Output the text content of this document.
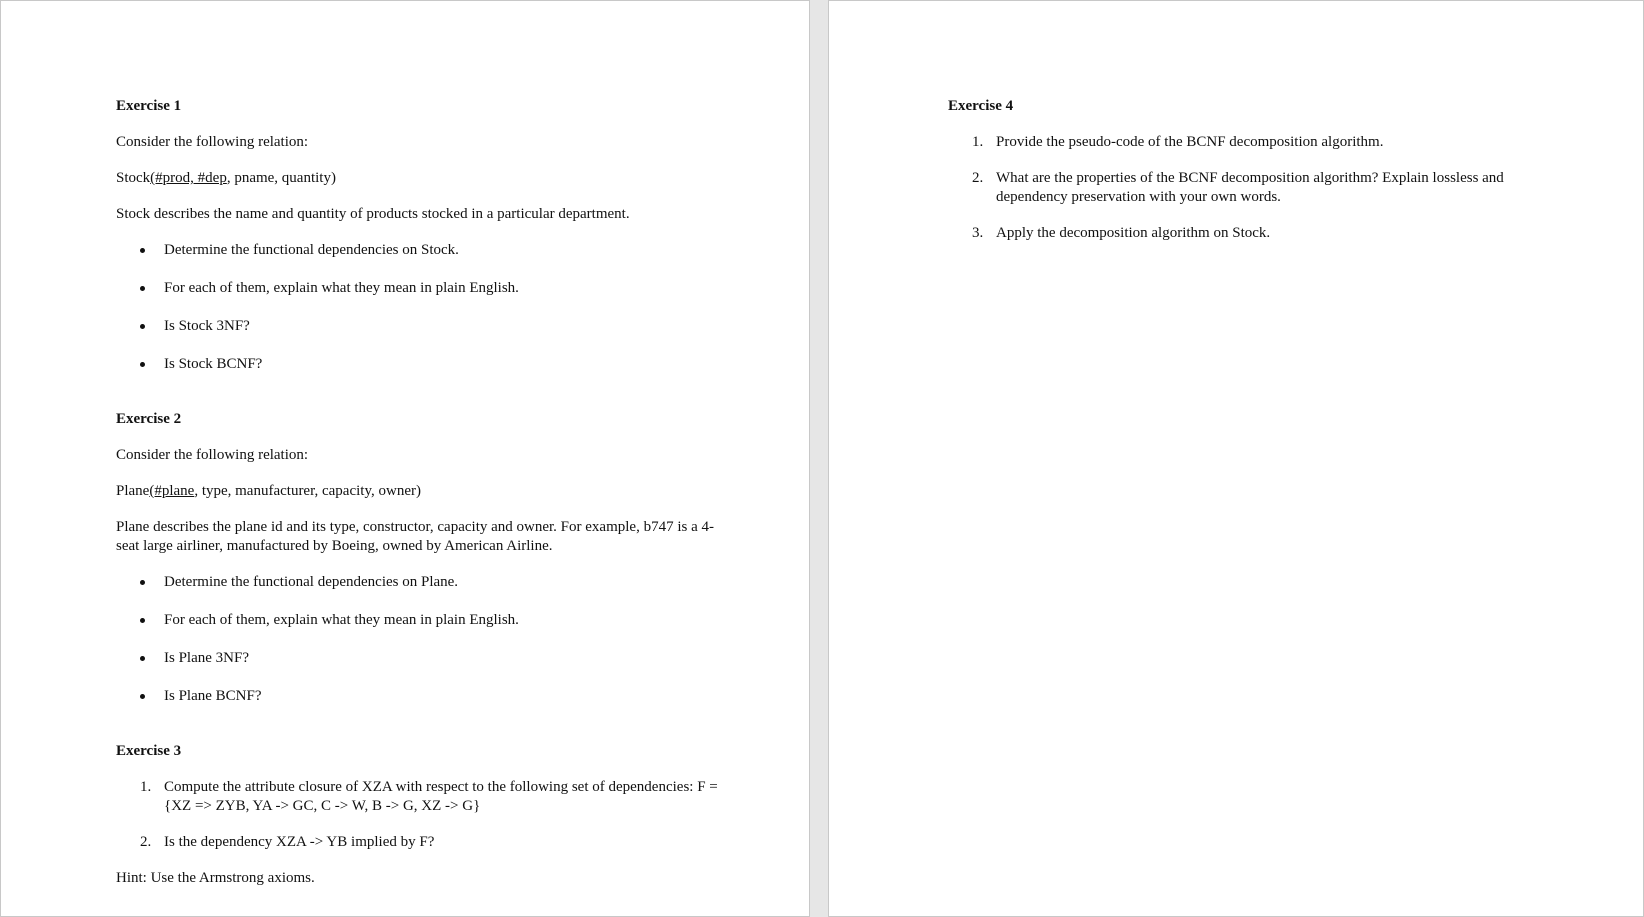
Exercise 1

Consider the following relation:

Stock(#prod, #dep, pname, quantity)

Stock describes the name and quantity of products stocked in a particular department.

Determine the functional dependencies on Stock.
For each of them, explain what they mean in plain English.
Is Stock 3NF?
Is Stock BCNF?
Exercise 2

Consider the following relation:

Plane(#plane, type, manufacturer, capacity, owner)

Plane describes the plane id and its type, constructor, capacity and owner. For example, b747 is a 4-seat large airliner, manufactured by Boeing, owned by American Airline.

Determine the functional dependencies on Plane.
For each of them, explain what they mean in plain English.
Is Plane 3NF?
Is Plane BCNF?
Exercise 3
1. Compute the attribute closure of XZA with respect to the following set of dependencies: F = {XZ => ZYB, YA -> GC, C -> W, B -> G, XZ -> G}
2. Is the dependency XZA -> YB implied by F?

Hint: Use the Armstrong axioms.

Exercise 4
1. Provide the pseudo-code of the BCNF decomposition algorithm.
2. What are the properties of the BCNF decomposition algorithm? Explain lossless and dependency preservation with your own words.
3. Apply the decomposition algorithm on Stock.
